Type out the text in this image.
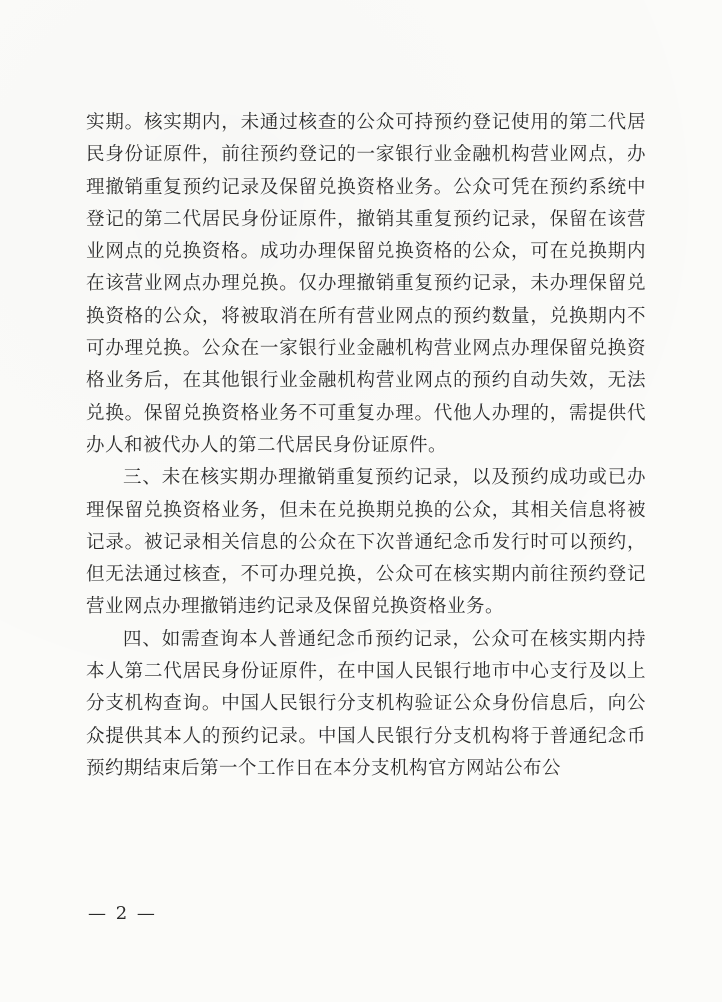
实期。核实期内，未通过核查的公众可持预约登记使用的第二代居民身份证原件，前往预约登记的一家银行业金融机构营业网点，办理撤销重复预约记录及保留兑换资格业务。公众可凭在预约系统中登记的第二代居民身份证原件，撤销其重复预约记录，保留在该营业网点的兑换资格。成功办理保留兑换资格的公众，可在兑换期内在该营业网点办理兑换。仅办理撤销重复预约记录，未办理保留兑换资格的公众，将被取消在所有营业网点的预约数量，兑换期内不可办理兑换。公众在一家银行业金融机构营业网点办理保留兑换资格业务后，在其他银行业金融机构营业网点的预约自动失效，无法兑换。保留兑换资格业务不可重复办理。代他人办理的，需提供代办人和被代办人的第二代居民身份证原件。

三、未在核实期办理撤销重复预约记录，以及预约成功或已办理保留兑换资格业务，但未在兑换期兑换的公众，其相关信息将被记录。被记录相关信息的公众在下次普通纪念币发行时可以预约，但无法通过核查，不可办理兑换，公众可在核实期内前往预约登记营业网点办理撤销违约记录及保留兑换资格业务。

四、如需查询本人普通纪念币预约记录，公众可在核实期内持本人第二代居民身份证原件，在中国人民银行地市中心支行及以上分支机构查询。中国人民银行分支机构验证公众身份信息后，向公众提供其本人的预约记录。中国人民银行分支机构将于普通纪念币预约期结束后第一个工作日在本分支机构官方网站公布公

— 2 —
